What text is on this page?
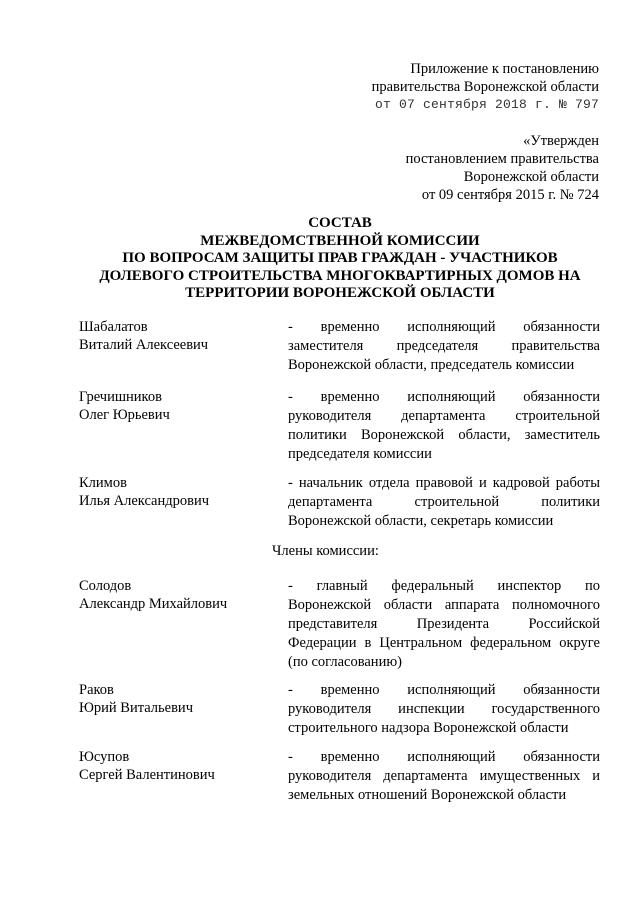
Приложение к постановлению
правительства Воронежской области
от 07 сентября 2018 г. № 797
«Утвержден
постановлением правительства
Воронежской области
от 09 сентября 2015 г. № 724
СОСТАВ
МЕЖВЕДОМСТВЕННОЙ КОМИССИИ
ПО ВОПРОСАМ ЗАЩИТЫ ПРАВ ГРАЖДАН - УЧАСТНИКОВ
ДОЛЕВОГО СТРОИТЕЛЬСТВА МНОГОКВАРТИРНЫХ ДОМОВ НА
ТЕРРИТОРИИ ВОРОНЕЖСКОЙ ОБЛАСТИ
Шабалатов
Виталий Алексеевич
- временно исполняющий обязанности заместителя председателя правительства Воронежской области, председатель комиссии
Гречишников
Олег Юрьевич
- временно исполняющий обязанности руководителя департамента строительной политики Воронежской области, заместитель председателя комиссии
Климов
Илья Александрович
- начальник отдела правовой и кадровой работы департамента строительной политики Воронежской области, секретарь комиссии
Члены комиссии:
Солодов
Александр Михайлович
- главный федеральный инспектор по Воронежской области аппарата полномочного представителя Президента Российской Федерации в Центральном федеральном округе (по согласованию)
Раков
Юрий Витальевич
- временно исполняющий обязанности руководителя инспекции государственного строительного надзора Воронежской области
Юсупов
Сергей Валентинович
- временно исполняющий обязанности руководителя департамента имущественных и земельных отношений Воронежской области
